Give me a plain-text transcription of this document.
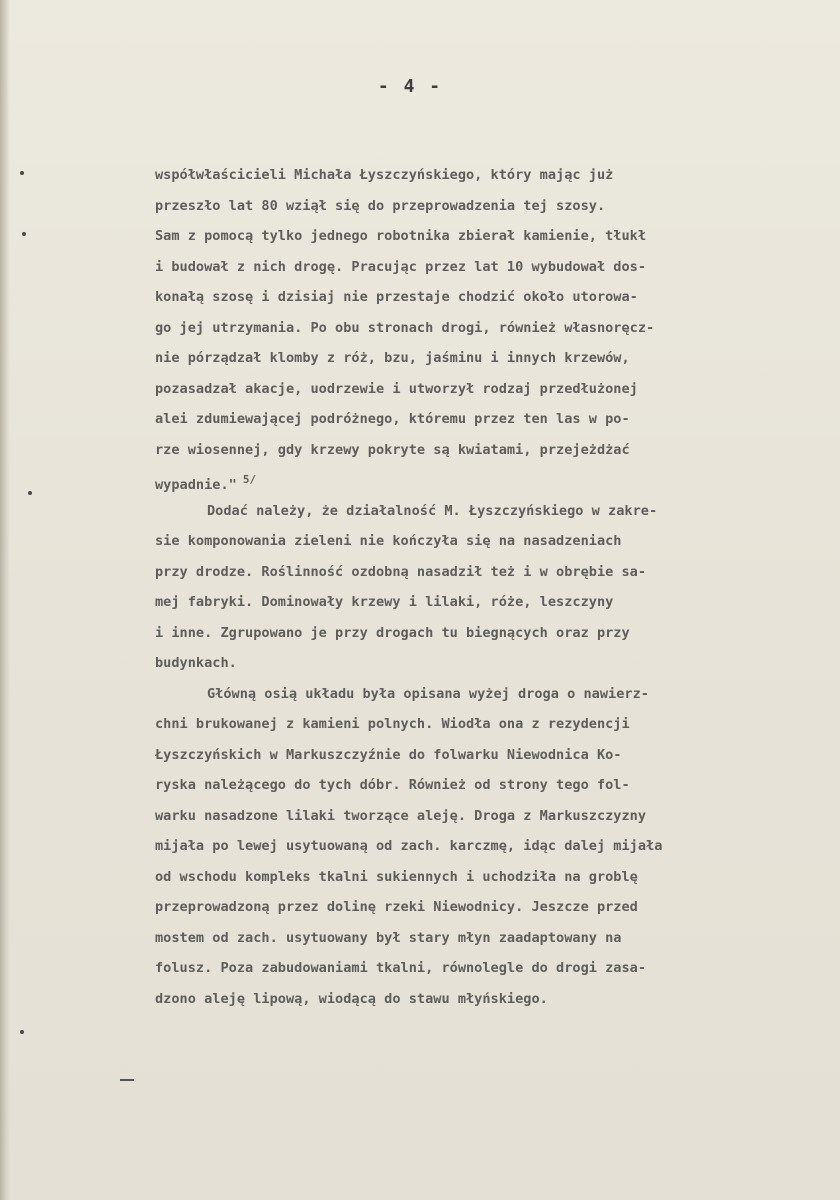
- 4 -
współwłaścicieli Michała Łyszczyńskiego, który mając już
przeszło lat 80 wziął się do przeprowadzenia tej szosy.
Sam z pomocą tylko jednego robotnika zbierał kamienie, tłukł
i budował z nich drogę. Pracując przez lat 10 wybudował dos-
konałą szosę i dzisiaj nie przestaje chodzić około utorowa-
go jej utrzymania. Po obu stronach drogi, również własnoręcz-
nie pórządzał klomby z róż, bzu, jaśminu i innych krzewów,
pozasadzał akacje, uodrzewie i utworzył rodzaj przedłużonej
alei zdumiewającej podróżnego, któremu przez ten las w po-
rze wiosennej, gdy krzewy pokryte są kwiatami, przejeżdżać
wypadnie." $^{5/}$
Dodać należy, że działalność M. Łyszczyńskiego w zakre-
sie komponowania zieleni nie kończyła się na nasadzeniach
przy drodze. Roślinność ozdobną nasadził też i w obrębie sa-
mej fabryki. Dominowały krzewy i lilaki, róże, leszczyny
i inne. Zgrupowano je przy drogach tu biegnących oraz przy
budynkach.
Główną osią układu była opisana wyżej droga o nawierz-
chni brukowanej z kamieni polnych. Wiodła ona z rezydencji
Łyszczyńskich w Markuszczyźnie do folwarku Niewodnica Ko-
ryska należącego do tych dóbr. Również od strony tego fol-
warku nasadzone lilaki tworzące aleję. Droga z Markuszczyzny
mijała po lewej usytuowaną od zach. karczmę, idąc dalej mijała
od wschodu kompleks tkalni sukiennych i uchodziła na groblę
przeprowadzoną przez dolinę rzeki Niewodnicy. Jeszcze przed
mostem od zach. usytuowany był stary młyn zaadaptowany na
folusz. Poza zabudowaniami tkalni, równolegle do drogi zasa-
dzono aleję lipową, wiodącą do stawu młyńskiego.
